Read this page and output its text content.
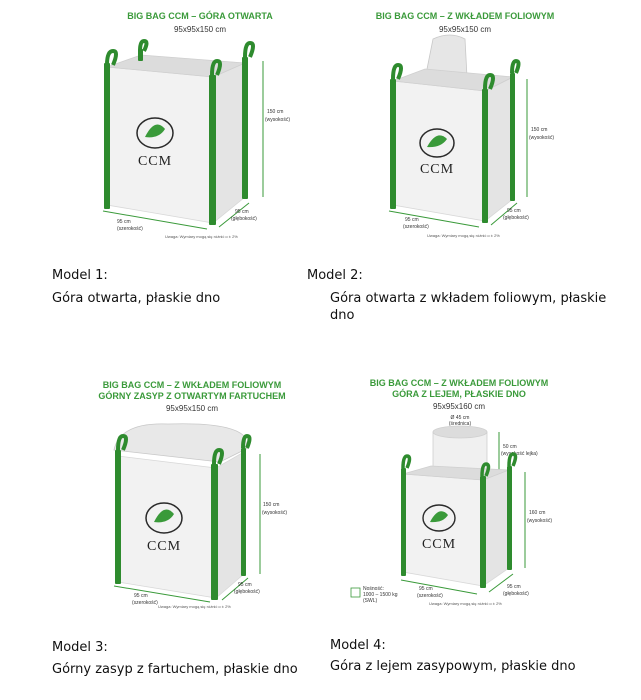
BIG BAG CCM – GÓRA OTWARTA
95x95x150 cm
CCM
150 cm
(wysokość)
95 cm
(szerokość)
95 cm
(głębokość)
Uwaga: Wymiary mogą się różnić o ± 2%
Model 1:
Góra otwarta, płaskie dno
BIG BAG CCM – Z WKŁADEM FOLIOWYM
95x95x150 cm
CCM
150 cm
(wysokość)
95 cm
(szerokość)
95 cm
(głębokość)
Uwaga: Wymiary mogą się różnić o ± 2%
Model 2:
Góra otwarta z wkładem foliowym, płaskie dno
BIG BAG CCM – Z WKŁADEM FOLIOWYM
GÓRNY ZASYP Z OTWARTYM FARTUCHEM
95x95x150 cm
CCM
150 cm
(wysokość)
95 cm
(szerokość)
95 cm
(głębokość)
Uwaga: Wymiary mogą się różnić o ± 2%
Model 3:
Górny zasyp z fartuchem, płaskie dno
BIG BAG CCM – Z WKŁADEM FOLIOWYM
GÓRA Z LEJEM, PŁASKIE DNO
95x95x160 cm
Ø 45 cm
(średnica)
50 cm
(wysokość lejka)
CCM
160 cm
(wysokość)
95 cm
(szerokość)
95 cm
(głębokość)
Nośność:
1000 – 1500 kg
(SWL)	Uwaga: Wymiary mogą się różnić o ± 2%
Model 4:
Góra z lejem zasypowym, płaskie dno
